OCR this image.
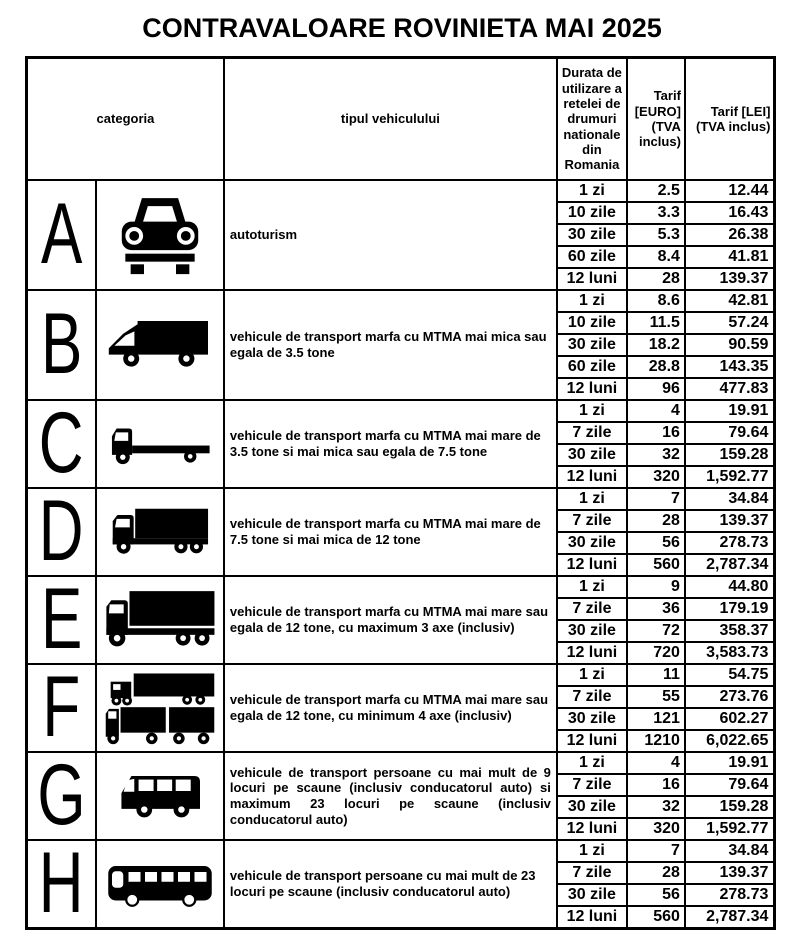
CONTRAVALOARE ROVINIETA MAI 2025
categoria		tipul vehiculului	Durata de utilizare a retelei de drumuri nationale din Romania	Tarif [EURO] (TVA inclus)	Tarif [LEI] (TVA inclus)
A		autoturism	1 zi	2.5	12.44
			10 zile	3.3	16.43
			30 zile	5.3	26.38
			60 zile	8.4	41.81
			12 luni	28	139.37
B		vehicule de transport marfa cu MTMA mai mica sau egala de 3.5 tone	1 zi	8.6	42.81
			10 zile	11.5	57.24
			30 zile	18.2	90.59
			60 zile	28.8	143.35
			12 luni	96	477.83
C		vehicule de transport marfa cu MTMA mai mare de 3.5 tone si mai mica sau egala de 7.5 tone	1 zi	4	19.91
			7 zile	16	79.64
			30 zile	32	159.28
			12 luni	320	1,592.77
D		vehicule de transport marfa cu MTMA mai mare de 7.5 tone si mai mica de 12 tone	1 zi	7	34.84
			7 zile	28	139.37
			30 zile	56	278.73
			12 luni	560	2,787.34
E		vehicule de transport marfa cu MTMA mai mare sau egala de 12 tone, cu maximum 3 axe (inclusiv)	1 zi	9	44.80
			7 zile	36	179.19
			30 zile	72	358.37
			12 luni	720	3,583.73
F		vehicule de transport marfa cu MTMA mai mare sau egala de 12 tone, cu minimum 4 axe (inclusiv)	1 zi	11	54.75
			7 zile	55	273.76
			30 zile	121	602.27
			12 luni	1210	6,022.65
G		vehicule de transport persoane cu mai mult de 9 locuri pe scaune (inclusiv conducatorul auto) si maximum 23 locuri pe scaune (inclusiv conducatorul auto)	1 zi	4	19.91
			7 zile	16	79.64
			30 zile	32	159.28
			12 luni	320	1,592.77
H		vehicule de transport persoane cu mai mult de 23 locuri pe scaune (inclusiv conducatorul auto)	1 zi	7	34.84
			7 zile	28	139.37
			30 zile	56	278.73
			12 luni	560	2,787.34
